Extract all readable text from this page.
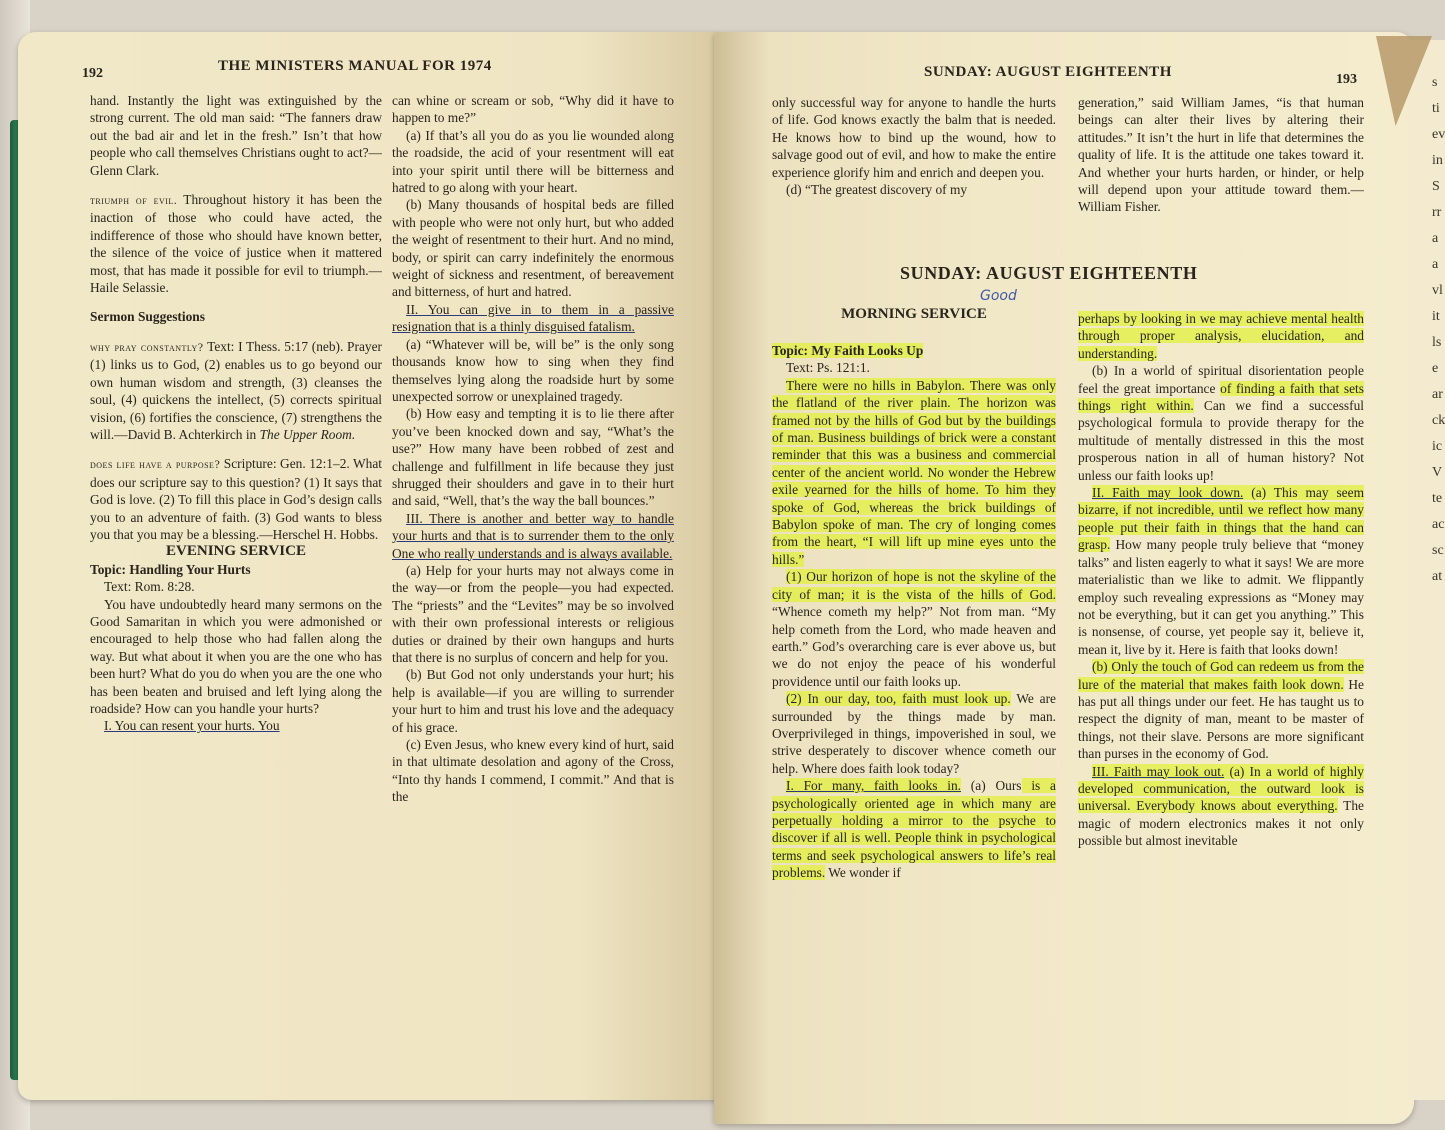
192	THE MINISTERS MANUAL FOR 1974

hand. Instantly the light was extinguished by the strong current. The old man said: “The fanners draw out the bad air and let in the fresh.” Isn’t that how people who call themselves Christians ought to act?—Glenn Clark.

triumph of evil. Throughout history it has been the inaction of those who could have acted, the indifference of those who should have known better, the silence of the voice of justice when it mattered most, that has made it possible for evil to triumph.—Haile Selassie.

Sermon Suggestions

why pray constantly? Text: I Thess. 5:17 (neb). Prayer (1) links us to God, (2) enables us to go beyond our own human wisdom and strength, (3) cleanses the soul, (4) quickens the intellect, (5) corrects spiritual vision, (6) fortifies the conscience, (7) strengthens the will.—David B. Achterkirch in The Upper Room.

does life have a purpose? Scripture: Gen. 12:1–2. What does our scripture say to this question? (1) It says that God is love. (2) To fill this place in God’s design calls you to an adventure of faith. (3) God wants to bless you that you may be a blessing.—Herschel H. Hobbs.

EVENING SERVICE

Topic: Handling Your Hurts

Text: Rom. 8:28.

You have undoubtedly heard many sermons on the Good Samaritan in which you were admonished or encouraged to help those who had fallen along the way. But what about it when you are the one who has been hurt? What do you do when you are the one who has been beaten and bruised and left lying along the roadside? How can you handle your hurts?

I. You can resent your hurts. You

can whine or scream or sob, “Why did it have to happen to me?”

(a) If that’s all you do as you lie wounded along the roadside, the acid of your resentment will eat into your spirit until there will be bitterness and hatred to go along with your heart.

(b) Many thousands of hospital beds are filled with people who were not only hurt, but who added the weight of resentment to their hurt. And no mind, body, or spirit can carry indefinitely the enormous weight of sickness and resentment, of bereavement and bitterness, of hurt and hatred.

II. You can give in to them in a passive resignation that is a thinly disguised fatalism.

(a) “Whatever will be, will be” is the only song thousands know how to sing when they find themselves lying along the roadside hurt by some unexpected sorrow or unexplained tragedy.

(b) How easy and tempting it is to lie there after you’ve been knocked down and say, “What’s the use?” How many have been robbed of zest and challenge and fulfillment in life because they just shrugged their shoulders and gave in to their hurt and said, “Well, that’s the way the ball bounces.”

III. There is another and better way to handle your hurts and that is to surrender them to the only One who really understands and is always available.

(a) Help for your hurts may not always come in the way—or from the people—you had expected. The “priests” and the “Levites” may be so involved with their own professional interests or religious duties or drained by their own hangups and hurts that there is no surplus of concern and help for you.

(b) But God not only understands your hurt; his help is available—if you are willing to surrender your hurt to him and trust his love and the adequacy of his grace.

(c) Even Jesus, who knew every kind of hurt, said in that ultimate desolation and agony of the Cross, “Into thy hands I commend, I commit.” And that is the

SUNDAY: AUGUST EIGHTEENTH	193

only successful way for anyone to handle the hurts of life. God knows exactly the balm that is needed. He knows how to bind up the wound, how to salvage good out of evil, and how to make the entire experience glorify him and enrich and deepen you.

(d) “The greatest discovery of my

generation,” said William James, “is that human beings can alter their lives by altering their attitudes.” It isn’t the hurt in life that determines the quality of life. It is the attitude one takes toward it. And whether your hurts harden, or hinder, or help will depend upon your attitude toward them.—William Fisher.

MORNING SERVICE

Topic: My Faith Looks Up

Text: Ps. 121:1.

There were no hills in Babylon. There was only the flatland of the river plain. The horizon was framed not by the hills of God but by the buildings of man. Business buildings of brick were a constant reminder that this was a business and commercial center of the ancient world. No wonder the Hebrew exile yearned for the hills of home. To him they spoke of God, whereas the brick buildings of Babylon spoke of man. The cry of longing comes from the heart, “I will lift up mine eyes unto the hills.”

(1) Our horizon of hope is not the skyline of the city of man; it is the vista of the hills of God. “Whence cometh my help?” Not from man. “My help cometh from the Lord, who made heaven and earth.” God’s overarching care is ever above us, but we do not enjoy the peace of his wonderful providence until our faith looks up.

(2) In our day, too, faith must look up. We are surrounded by the things made by man. Overprivileged in things, impoverished in soul, we strive desperately to discover whence cometh our help. Where does faith look today?

I. For many, faith looks in. (a) Ours is a psychologically oriented age in which many are perpetually holding a mirror to the psyche to discover if all is well. People think in psychological terms and seek psychological answers to life’s real problems. We wonder if

perhaps by looking in we may achieve mental health through proper analysis, elucidation, and understanding.

(b) In a world of spiritual disorientation people feel the great importance of finding a faith that sets things right within. Can we find a successful psychological formula to provide therapy for the multitude of mentally distressed in this the most prosperous nation in all of human history? Not unless our faith looks up!

II. Faith may look down. (a) This may seem bizarre, if not incredible, until we reflect how many people put their faith in things that the hand can grasp. How many people truly believe that “money talks” and listen eagerly to what it says! We are more materialistic than we like to admit. We flippantly employ such revealing expressions as “Money may not be everything, but it can get you anything.” This is nonsense, of course, yet people say it, believe it, mean it, live by it. Here is faith that looks down!

(b) Only the touch of God can redeem us from the lure of the material that makes faith look down. He has put all things under our feet. He has taught us to respect the dignity of man, meant to be master of things, not their slave. Persons are more significant than purses in the economy of God.

III. Faith may look out. (a) In a world of highly developed communication, the outward look is universal. Everybody knows about everything. The magic of modern electronics makes it not only possible but almost inevitable

SUNDAY: AUGUST EIGHTEENTH
Good
s
ti
ev
in
S
rr
a
a
vl
it
ls
e
ar
ck
ic
V
te
ac
sc
at
